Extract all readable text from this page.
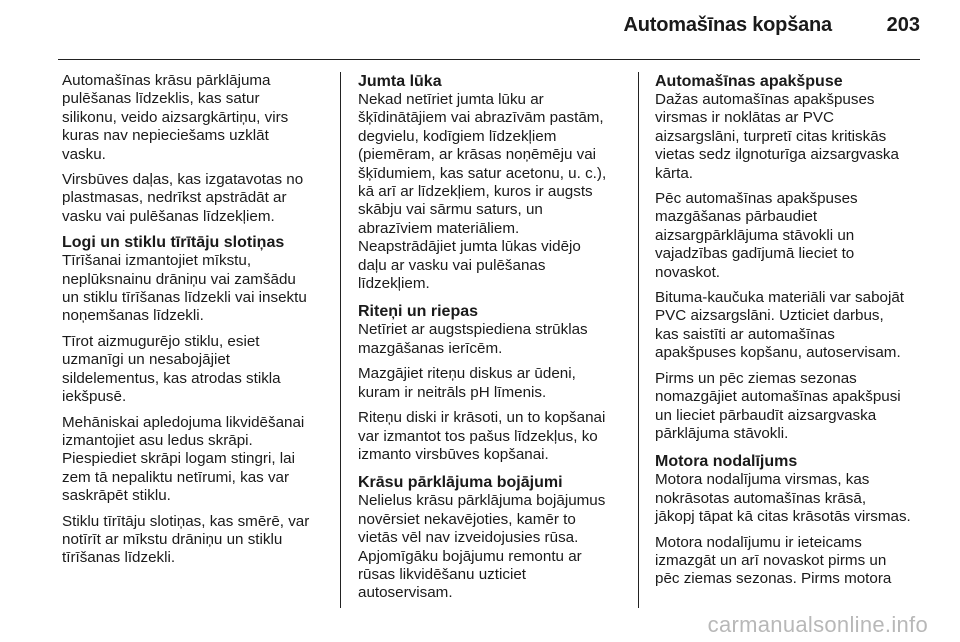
Automašīnas kopšana	203

Automašīnas krāsu pārklājuma
pulēšanas līdzeklis, kas satur
silikonu, veido aizsargkārtiņu, virs
kuras nav nepieciešams uzklāt
vasku.

Virsbūves daļas, kas izgatavotas no
plastmasas, nedrīkst apstrādāt ar
vasku vai pulēšanas līdzekļiem.

Logi un stiklu tīrītāju slotiņas

Tīrīšanai izmantojiet mīkstu,
neplūksnainu drāniņu vai zamšādu
un stiklu tīrīšanas līdzekli vai insektu
noņemšanas līdzekli.

Tīrot aizmugurējo stiklu, esiet
uzmanīgi un nesabojājiet
sildelementus, kas atrodas stikla
iekšpusē.

Mehāniskai apledojuma likvidēšanai
izmantojiet asu ledus skrāpi.
Piespiediet skrāpi logam stingri, lai
zem tā nepaliktu netīrumi, kas var
saskrāpēt stiklu.

Stiklu tīrītāju slotiņas, kas smērē, var
notīrīt ar mīkstu drāniņu un stiklu
tīrīšanas līdzekli.

Jumta lūka

Nekad netīriet jumta lūku ar
šķīdinātājiem vai abrazīvām pastām,
degvielu, kodīgiem līdzekļiem
(piemēram, ar krāsas noņēmēju vai
šķīdumiem, kas satur acetonu, u. c.),
kā arī ar līdzekļiem, kuros ir augsts
skābju vai sārmu saturs, un
abrazīviem materiāliem.
Neapstrādājiet jumta lūkas vidējo
daļu ar vasku vai pulēšanas
līdzekļiem.

Riteņi un riepas

Netīriet ar augstspiediena strūklas
mazgāšanas ierīcēm.

Mazgājiet riteņu diskus ar ūdeni,
kuram ir neitrāls pH līmenis.

Riteņu diski ir krāsoti, un to kopšanai
var izmantot tos pašus līdzekļus, ko
izmanto virsbūves kopšanai.

Krāsu pārklājuma bojājumi

Nelielus krāsu pārklājuma bojājumus
novērsiet nekavējoties, kamēr to
vietās vēl nav izveidojusies rūsa.
Apjomīgāku bojājumu remontu ar
rūsas likvidēšanu uzticiet
autoservisam.

Automašīnas apakšpuse

Dažas automašīnas apakšpuses
virsmas ir noklātas ar PVC
aizsargslāni, turpretī citas kritiskās
vietas sedz ilgnoturīga aizsargvaska
kārta.

Pēc automašīnas apakšpuses
mazgāšanas pārbaudiet
aizsargpārklājuma stāvokli un
vajadzības gadījumā lieciet to
novaskot.

Bituma-kaučuka materiāli var sabojāt
PVC aizsargslāni. Uzticiet darbus,
kas saistīti ar automašīnas
apakšpuses kopšanu, autoservisam.

Pirms un pēc ziemas sezonas
nomazgājiet automašīnas apakšpusi
un lieciet pārbaudīt aizsargvaska
pārklājuma stāvokli.

Motora nodalījums

Motora nodalījuma virsmas, kas
nokrāsotas automašīnas krāsā,
jākopj tāpat kā citas krāsotās virsmas.

Motora nodalījumu ir ieteicams
izmazgāt un arī novaskot pirms un
pēc ziemas sezonas. Pirms motora

carmanualsonline.info
